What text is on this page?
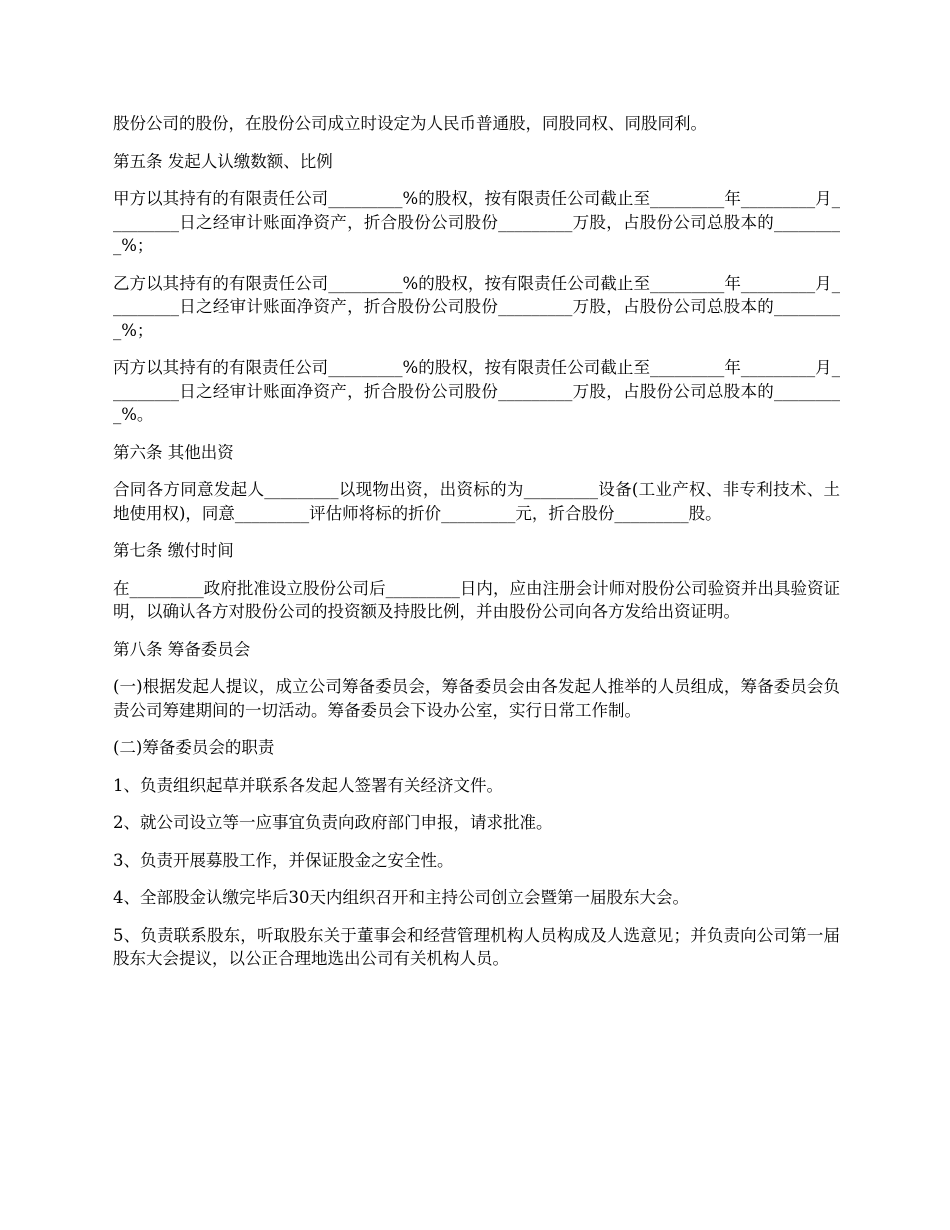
股份公司的股份，在股份公司成立时设定为人民币普通股，同股同权、同股同利。

第五条 发起人认缴数额、比例

甲方以其持有的有限责任公司_________%的股权，按有限责任公司截止至_________年_________月_________日之经审计账面净资产，折合股份公司股份_________万股，占股份公司总股本的_________%；

乙方以其持有的有限责任公司_________%的股权，按有限责任公司截止至_________年_________月_________日之经审计账面净资产，折合股份公司股份_________万股，占股份公司总股本的_________%；

丙方以其持有的有限责任公司_________%的股权，按有限责任公司截止至_________年_________月_________日之经审计账面净资产，折合股份公司股份_________万股，占股份公司总股本的_________%。

第六条 其他出资

合同各方同意发起人_________以现物出资，出资标的为_________设备(工业产权、非专利技术、土地使用权)，同意_________评估师将标的折价_________元，折合股份_________股。

第七条 缴付时间

在_________政府批准设立股份公司后_________日内，应由注册会计师对股份公司验资并出具验资证明，以确认各方对股份公司的投资额及持股比例，并由股份公司向各方发给出资证明。

第八条 筹备委员会

(一)根据发起人提议，成立公司筹备委员会，筹备委员会由各发起人推举的人员组成，筹备委员会负责公司筹建期间的一切活动。筹备委员会下设办公室，实行日常工作制。

(二)筹备委员会的职责

1、负责组织起草并联系各发起人签署有关经济文件。

2、就公司设立等一应事宜负责向政府部门申报，请求批准。

3、负责开展募股工作，并保证股金之安全性。

4、全部股金认缴完毕后30天内组织召开和主持公司创立会暨第一届股东大会。

5、负责联系股东，听取股东关于董事会和经营管理机构人员构成及人选意见；并负责向公司第一届股东大会提议，以公正合理地选出公司有关机构人员。
